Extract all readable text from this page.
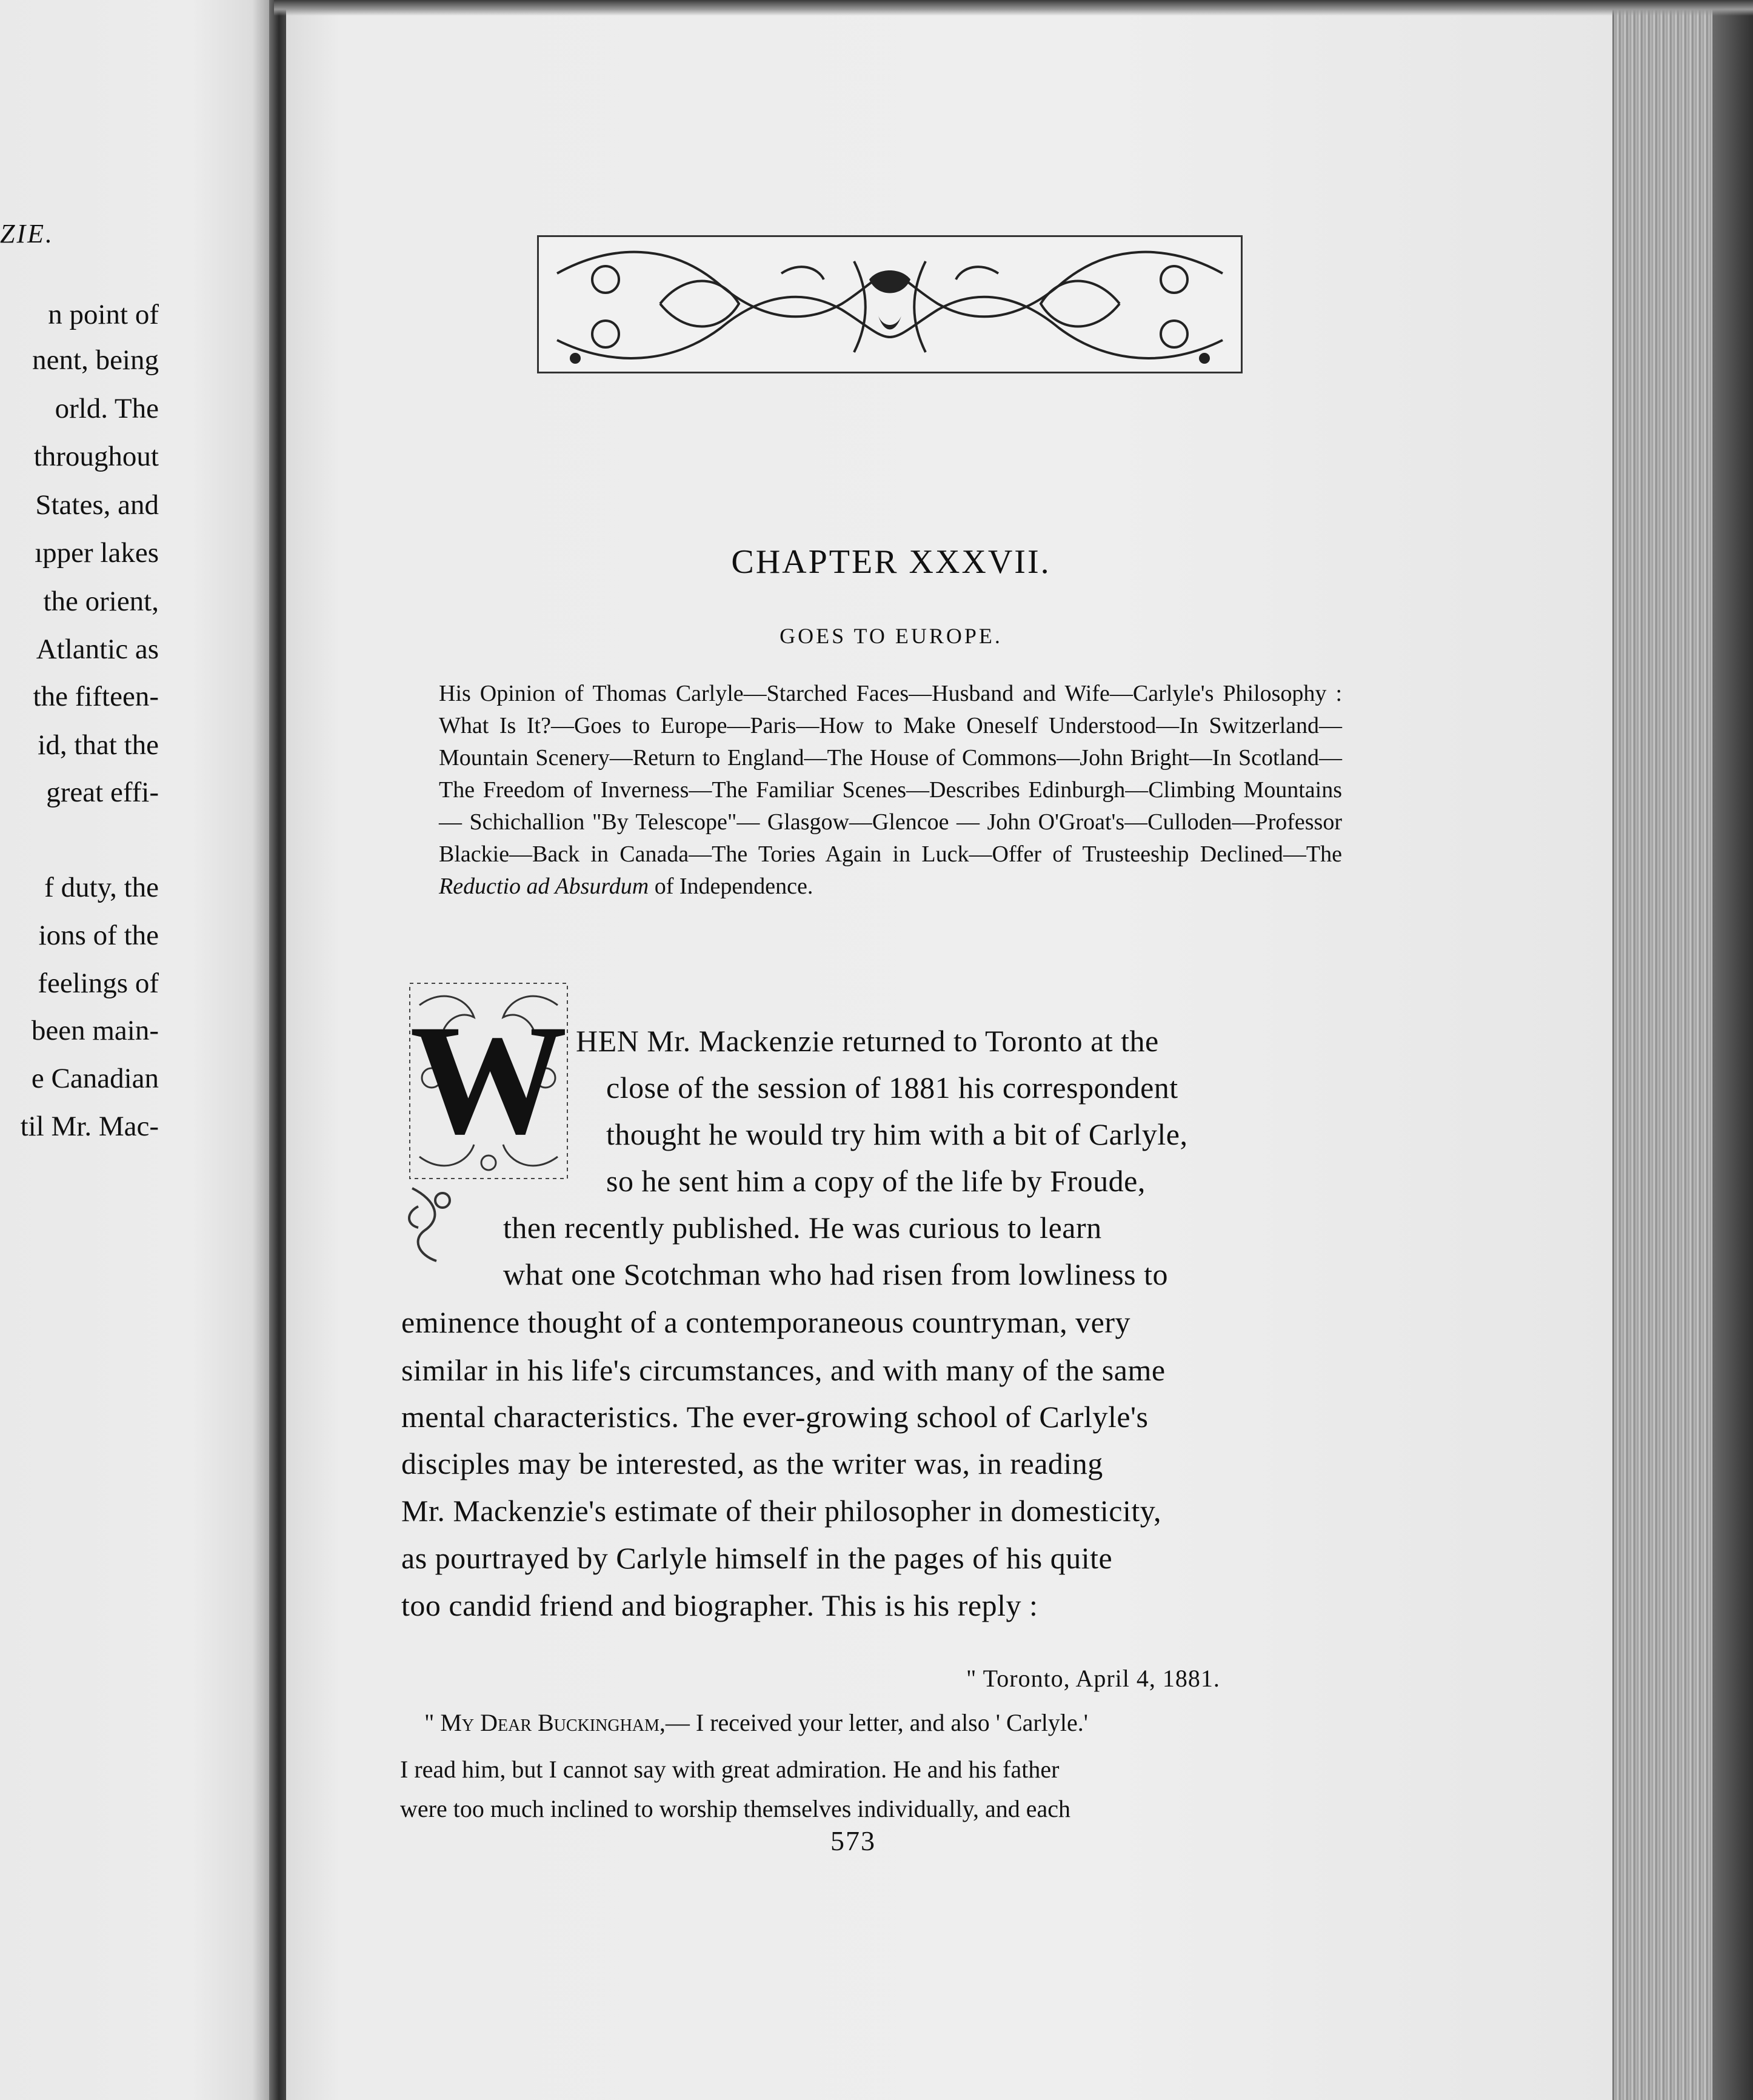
ZIE.
n point of
nent, being
orld. The
throughout
States, and
ıpper lakes
the orient,
Atlantic as
the fifteen-
id, that the
great effi-
f duty, the
ions of the
feelings of
been main-
e Canadian
til Mr. Mac-
CHAPTER XXXVII.
GOES TO EUROPE.
His Opinion of Thomas Carlyle—Starched Faces—Husband and Wife—Carlyle's Philosophy : What Is It?—Goes to Europe—Paris—How to Make Oneself Understood—In Switzerland—Mountain Scenery—Return to England—The House of Commons—John Bright—In Scotland—The Freedom of Inverness—The Familiar Scenes—Describes Edinburgh—Climbing Mountains — Schichallion "By Telescope"— Glasgow—Glencoe — John O'Groat's—Culloden—Professor Blackie—Back in Canada—The Tories Again in Luck—Offer of Trusteeship Declined—The Reductio ad Absurdum of Independence.
W HEN Mr. Mackenzie returned to Toronto at the
close of the session of 1881 his correspondent
thought he would try him with a bit of Carlyle,
so he sent him a copy of the life by Froude,
then recently published. He was curious to learn
what one Scotchman who had risen from lowliness to
eminence thought of a contemporaneous countryman, very
similar in his life's circumstances, and with many of the same
mental characteristics. The ever-growing school of Carlyle's
disciples may be interested, as the writer was, in reading
Mr. Mackenzie's estimate of their philosopher in domesticity,
as pourtrayed by Carlyle himself in the pages of his quite
too candid friend and biographer. This is his reply :
" Toronto, April 4, 1881.
" My Dear Buckingham,— I received your letter, and also ' Carlyle.'
I read him, but I cannot say with great admiration. He and his father
were too much inclined to worship themselves individually, and each
573
